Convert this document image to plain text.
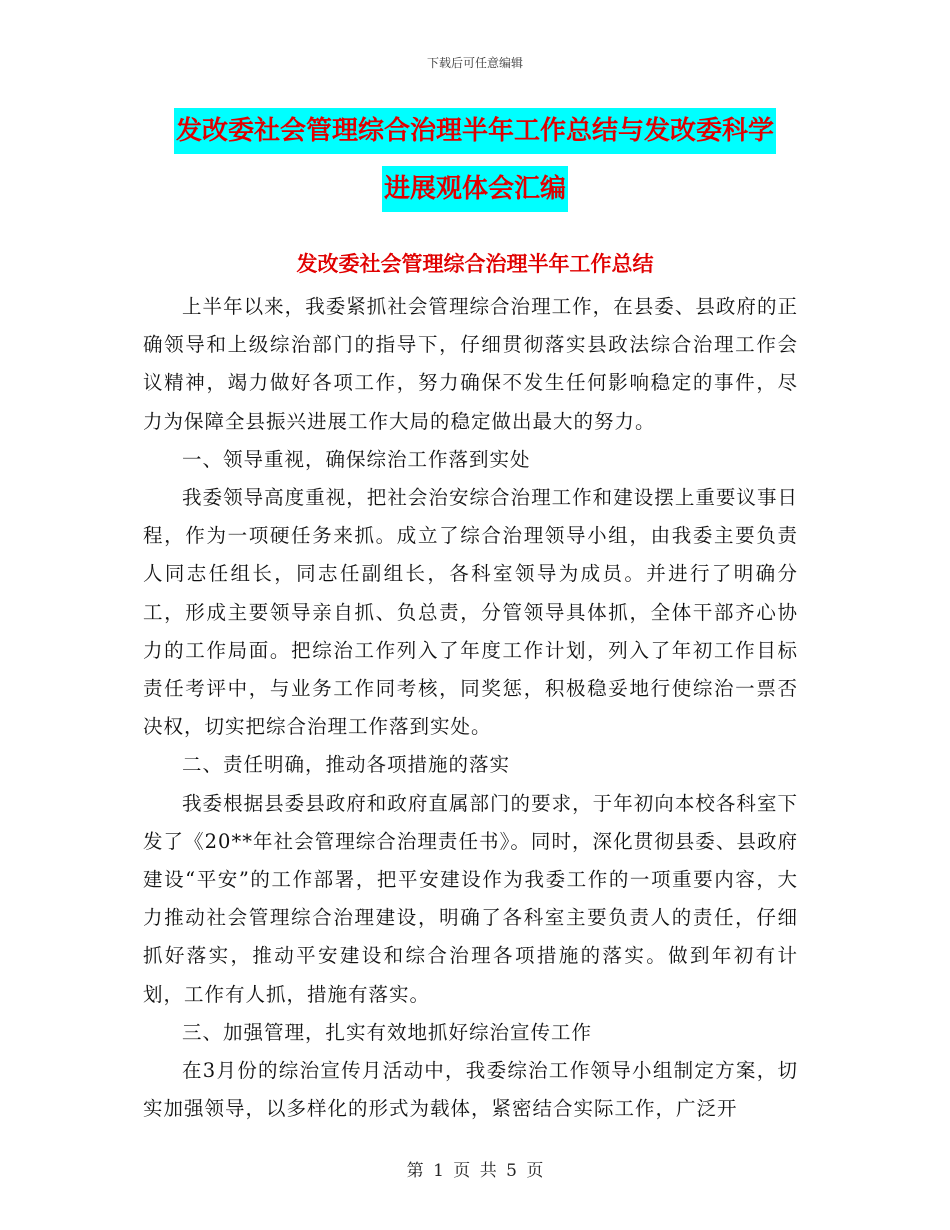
下载后可任意编辑
发改委社会管理综合治理半年工作总结与发改委科学
进展观体会汇编
发改委社会管理综合治理半年工作总结

上半年以来，我委紧抓社会管理综合治理工作，在县委、县政府的正确领导和上级综治部门的指导下，仔细贯彻落实县政法综合治理工作会议精神，竭力做好各项工作，努力确保不发生任何影响稳定的事件，尽力为保障全县振兴进展工作大局的稳定做出最大的努力。

一、领导重视，确保综治工作落到实处

我委领导高度重视，把社会治安综合治理工作和建设摆上重要议事日程，作为一项硬任务来抓。成立了综合治理领导小组，由我委主要负责人同志任组长，同志任副组长，各科室领导为成员。并进行了明确分工，形成主要领导亲自抓、负总责，分管领导具体抓，全体干部齐心协力的工作局面。把综治工作列入了年度工作计划，列入了年初工作目标责任考评中，与业务工作同考核，同奖惩，积极稳妥地行使综治一票否决权，切实把综合治理工作落到实处。

二、责任明确，推动各项措施的落实

我委根据县委县政府和政府直属部门的要求，于年初向本校各科室下发了《20**年社会管理综合治理责任书》。同时，深化贯彻县委、县政府建设“平安”的工作部署，把平安建设作为我委工作的一项重要内容，大力推动社会管理综合治理建设，明确了各科室主要负责人的责任，仔细抓好落实，推动平安建设和综合治理各项措施的落实。做到年初有计划，工作有人抓，措施有落实。

三、加强管理，扎实有效地抓好综治宣传工作

在3月份的综治宣传月活动中，我委综治工作领导小组制定方案，切实加强领导，以多样化的形式为载体，紧密结合实际工作，广泛开

第 1 页 共 5 页
